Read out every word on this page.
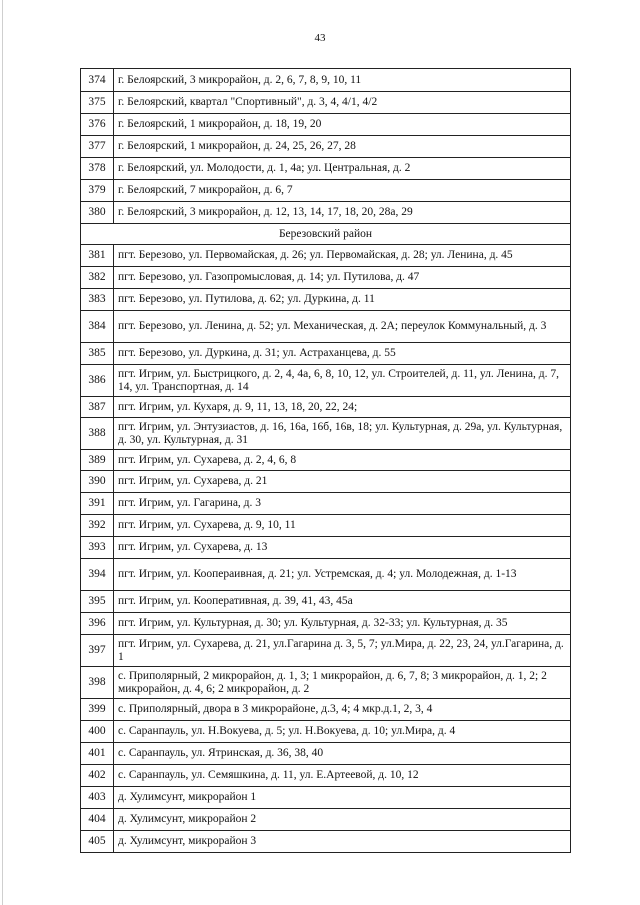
43
374	г. Белоярский, 3 микрорайон, д. 2, 6, 7, 8, 9, 10, 11
375	г. Белоярский, квартал "Спортивный", д. 3, 4, 4/1, 4/2
376	г. Белоярский, 1 микрорайон, д. 18, 19, 20
377	г. Белоярский, 1 микрорайон, д. 24, 25, 26, 27, 28
378	г. Белоярский, ул. Молодости, д. 1, 4а; ул. Центральная, д. 2
379	г. Белоярский, 7 микрорайон, д. 6, 7
380	г. Белоярский, 3 микрорайон, д. 12, 13, 14, 17, 18, 20, 28а, 29
Березовский район	
381	пгт. Березово, ул. Первомайская, д. 26; ул. Первомайская, д. 28; ул. Ленина, д. 45
382	пгт. Березово, ул. Газопромысловая, д. 14; ул. Путилова, д. 47
383	пгт. Березово, ул. Путилова, д. 62; ул. Дуркина, д. 11
384	пгт. Березово, ул. Ленина, д. 52; ул. Механическая, д. 2А; переулок Коммунальный, д. 3
385	пгт. Березово, ул. Дуркина, д. 31; ул. Астраханцева, д. 55
386	пгт. Игрим, ул. Быстрицкого, д. 2, 4, 4а, 6, 8, 10, 12, ул. Строителей, д. 11, ул. Ленина, д. 7, 14, ул. Транспортная, д. 14
387	пгт. Игрим, ул. Кухаря, д. 9, 11, 13, 18, 20, 22, 24;
388	пгт. Игрим, ул. Энтузиастов, д. 16, 16а, 16б, 16в, 18; ул. Культурная, д. 29а, ул. Культурная, д. 30, ул. Культурная, д. 31
389	пгт. Игрим, ул. Сухарева, д. 2, 4, 6, 8
390	пгт. Игрим, ул. Сухарева, д. 21
391	пгт. Игрим, ул. Гагарина, д. 3
392	пгт. Игрим, ул. Сухарева, д. 9, 10, 11
393	пгт. Игрим, ул. Сухарева, д. 13
394	пгт. Игрим, ул. Коопераивная, д. 21; ул. Устремская, д. 4; ул. Молодежная, д. 1-13
395	пгт. Игрим, ул. Кооперативная, д. 39, 41, 43, 45а
396	пгт. Игрим, ул. Культурная, д. 30; ул. Культурная, д. 32-33; ул. Культурная, д. 35
397	пгт. Игрим, ул. Сухарева, д. 21, ул.Гагарина д. 3, 5, 7; ул.Мира, д. 22, 23, 24, ул.Гагарина, д. 1
398	с. Приполярный, 2 микрорайон, д. 1, 3; 1 микрорайон, д. 6, 7, 8; 3 микрорайон, д. 1, 2; 2 микрорайон, д. 4, 6; 2 микрорайон, д. 2
399	с. Приполярный, двора в 3 микрорайоне, д.3, 4; 4 мкр.д.1, 2, 3, 4
400	с. Саранпауль, ул. Н.Вокуева, д. 5; ул. Н.Вокуева, д. 10; ул.Мира, д. 4
401	с. Саранпауль, ул. Ятринская, д. 36, 38, 40
402	с. Саранпауль, ул. Семяшкина, д. 11, ул. Е.Артеевой, д. 10, 12
403	д. Хулимсунт, микрорайон 1
404	д. Хулимсунт, микрорайон 2
405	д. Хулимсунт, микрорайон 3
